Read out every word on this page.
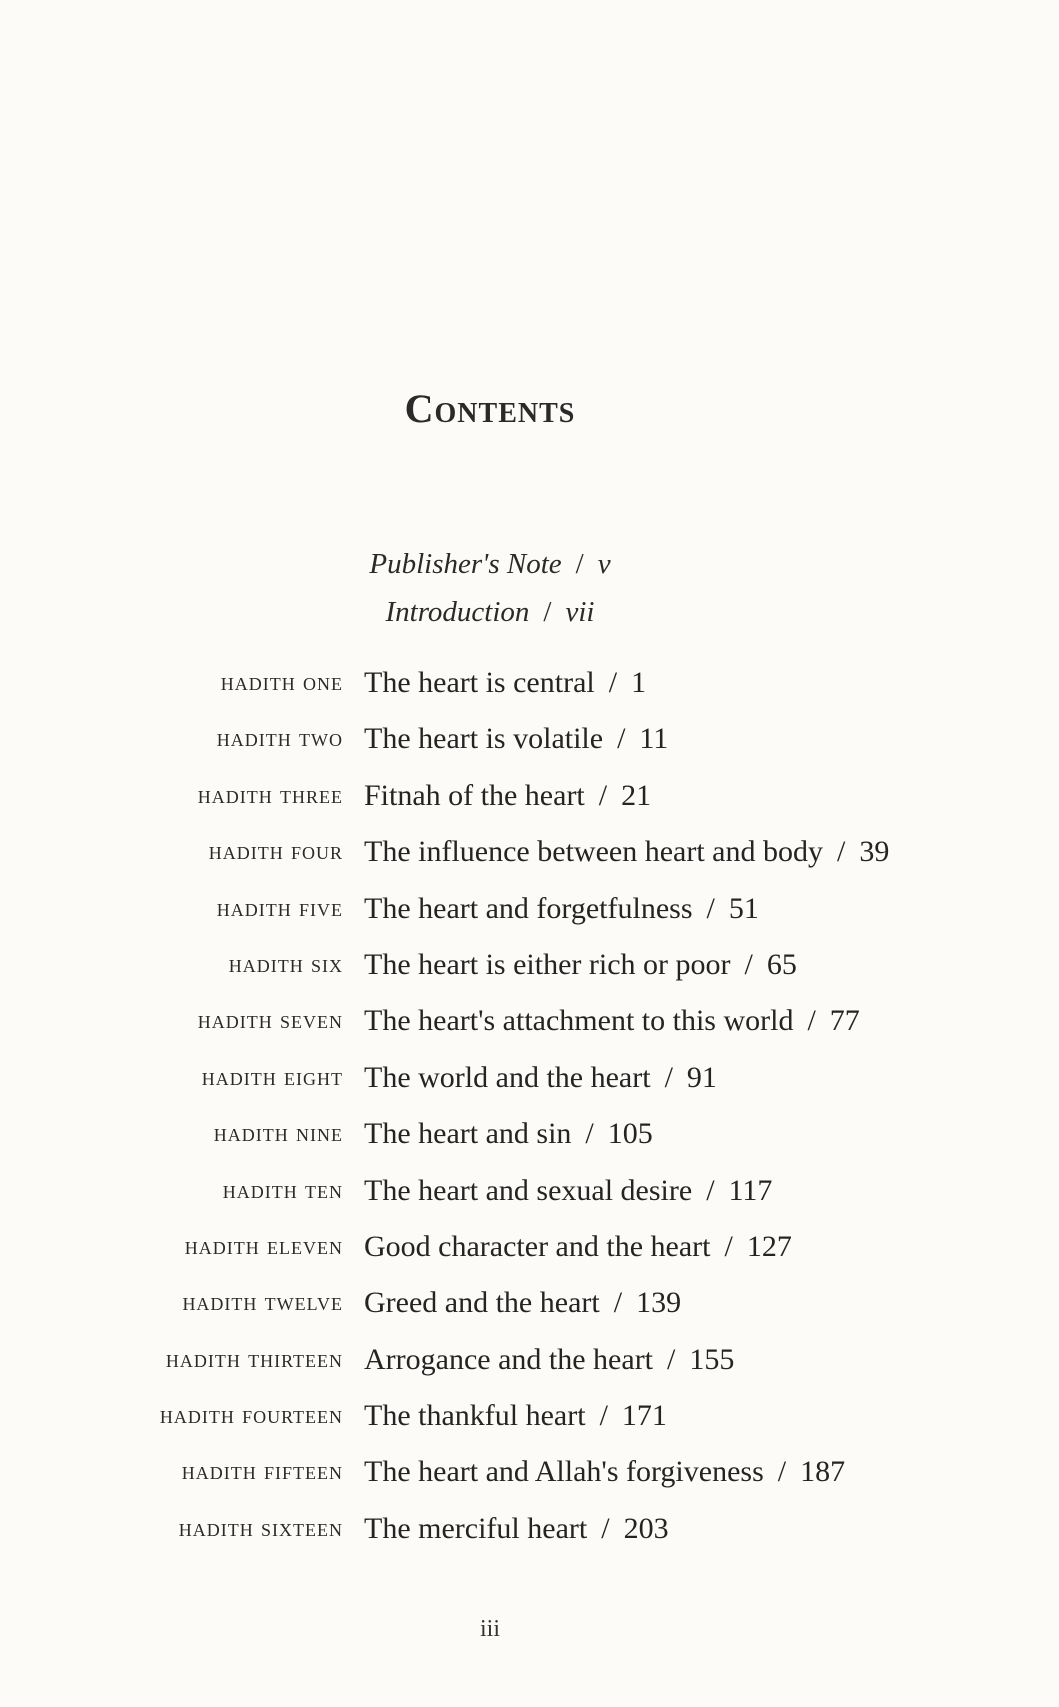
Contents
Publisher's Note / v
Introduction / vii
hadith one The heart is central / 1
hadith two The heart is volatile / 11
hadith three Fitnah of the heart / 21
hadith four The influence between heart and body / 39
hadith five The heart and forgetfulness / 51
hadith six The heart is either rich or poor / 65
hadith seven The heart's attachment to this world / 77
hadith eight The world and the heart / 91
hadith nine The heart and sin / 105
hadith ten The heart and sexual desire / 117
hadith eleven Good character and the heart / 127
hadith twelve Greed and the heart / 139
hadith thirteen Arrogance and the heart / 155
hadith fourteen The thankful heart / 171
hadith fifteen The heart and Allah's forgiveness / 187
hadith sixteen The merciful heart / 203
iii
